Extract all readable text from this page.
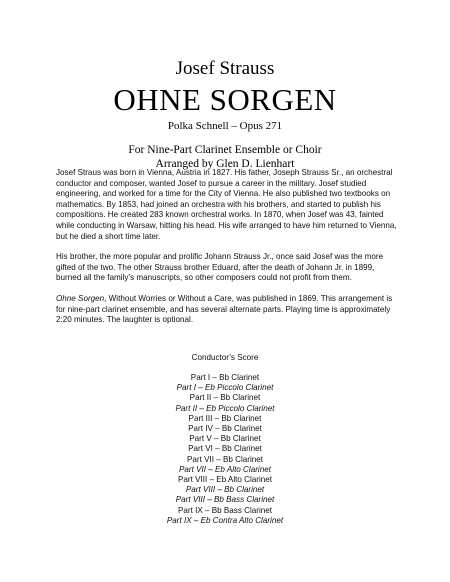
Josef Strauss
OHNE SORGEN
Polka Schnell – Opus 271
For Nine-Part Clarinet Ensemble or Choir
Arranged by Glen D. Lienhart

Josef Straus was born in Vienna, Austria in 1827. His father, Joseph Strauss Sr., an orchestral conductor and composer, wanted Josef to pursue a career in the military. Josef studied engineering, and worked for a time for the City of Vienna. He also published two textbooks on mathematics. By 1853, had joined an orchestra with his brothers, and started to publish his compositions. He created 283 known orchestral works. In 1870, when Josef was 43, fainted while conducting in Warsaw, hitting his head. His wife arranged to have him returned to Vienna, but he died a short time later.

His brother, the more popular and prolific Johann Strauss Jr., once said Josef was the more gifted of the two. The other Strauss brother Eduard, after the death of Johann Jr. in 1899, burned all the family’s manuscripts, so other composers could not profit from them.

Ohne Sorgen, Without Worries or Without a Care, was published in 1869. This arrangement is for nine-part clarinet ensemble, and has several alternate parts. Playing time is approximately 2:20 minutes. The laughter is optional.

Conductor’s Score
Part I – Bb Clarinet
Part I – Eb Piccolo Clarinet
Part II – Bb Clarinet
Part II – Eb Piccolo Clarinet
Part III – Bb Clarinet
Part IV – Bb Clarinet
Part V – Bb Clarinet
Part VI – Bb Clarinet
Part VII – Bb Clarinet
Part VII – Eb Alto Clarinet
Part VIII – Eb Alto Clarinet
Part VIII – Bb Clarinet
Part VIII – Bb Bass Clarinet
Part IX – Bb Bass Clarinet
Part IX – Eb Contra Alto Clarinet
